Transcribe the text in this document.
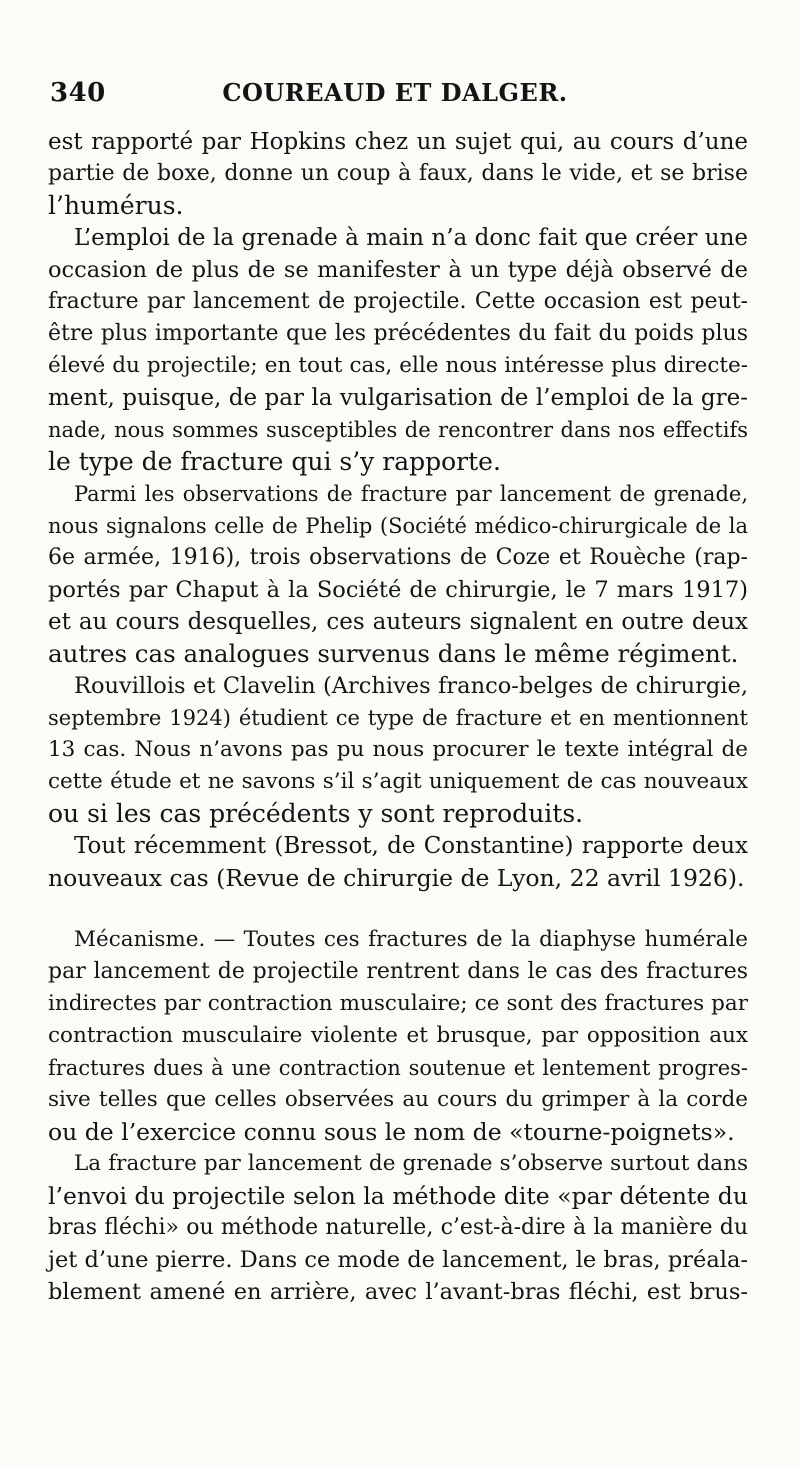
340	COUREAUD ET DALGER.
est rapporté par Hopkins chez un sujet qui, au cours d’une
partie de boxe, donne un coup à faux, dans le vide, et se brise
l’humérus.
L’emploi de la grenade à main n’a donc fait que créer une
occasion de plus de se manifester à un type déjà observé de
fracture par lancement de projectile. Cette occasion est peut-
être plus importante que les précédentes du fait du poids plus
élevé du projectile; en tout cas, elle nous intéresse plus directe-
ment, puisque, de par la vulgarisation de l’emploi de la gre-
nade, nous sommes susceptibles de rencontrer dans nos effectifs
le type de fracture qui s’y rapporte.
Parmi les observations de fracture par lancement de grenade,
nous signalons celle de Phelip (Société médico-chirurgicale de la
6e armée, 1916), trois observations de Coze et Rouèche (rap-
portés par Chaput à la Société de chirurgie, le 7 mars 1917)
et au cours desquelles, ces auteurs signalent en outre deux
autres cas analogues survenus dans le même régiment.
Rouvillois et Clavelin (Archives franco-belges de chirurgie,
septembre 1924) étudient ce type de fracture et en mentionnent
13 cas. Nous n’avons pas pu nous procurer le texte intégral de
cette étude et ne savons s’il s’agit uniquement de cas nouveaux
ou si les cas précédents y sont reproduits.
Tout récemment (Bressot, de Constantine) rapporte deux
nouveaux cas (Revue de chirurgie de Lyon, 22 avril 1926).
Mécanisme. — Toutes ces fractures de la diaphyse humérale
par lancement de projectile rentrent dans le cas des fractures
indirectes par contraction musculaire; ce sont des fractures par
contraction musculaire violente et brusque, par opposition aux
fractures dues à une contraction soutenue et lentement progres-
sive telles que celles observées au cours du grimper à la corde
ou de l’exercice connu sous le nom de «tourne-poignets».
La fracture par lancement de grenade s’observe surtout dans
l’envoi du projectile selon la méthode dite «par détente du
bras fléchi» ou méthode naturelle, c’est-à-dire à la manière du
jet d’une pierre. Dans ce mode de lancement, le bras, préala-
blement amené en arrière, avec l’avant-bras fléchi, est brus-
